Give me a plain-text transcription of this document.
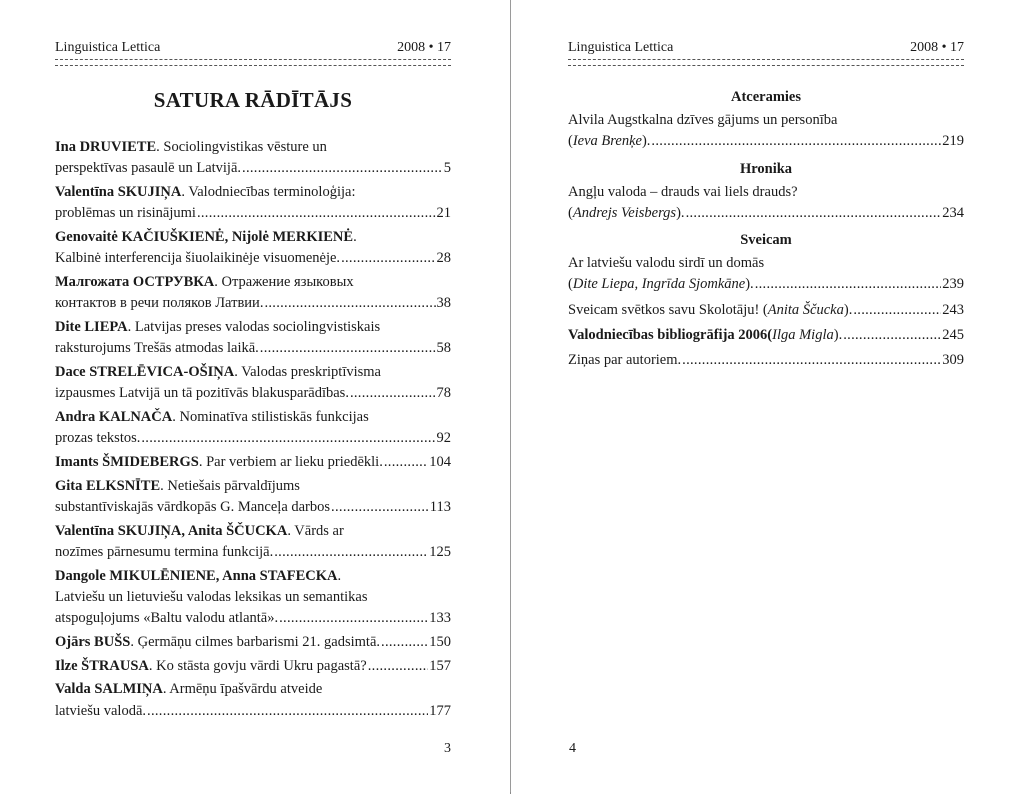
Linguistica Lettica	2008 • 17
SATURA RĀDĪTĀJS
Ina DRUVIETE. Sociolingvistikas vēsture un
perspektīvas pasaulē un Latvijā. .....	5
Valentīna SKUJIŅA. Valodniecības terminoloģija:
problēmas un risinājumi .....	21
Genovaitė KAČIUŠKIENĖ, Nijolė MERKIENĖ.
Kalbinė interferencija šiuolaikinėje visuomenėje. .....	28
Малгожата ОСТРУВКА. Отражение языковых
контактов в речи поляков Латвии. .....	38
Dite LIEPA. Latvijas preses valodas sociolingvistiskais
raksturojums Trešās atmodas laikā. .....	58
Dace STRELĒVICA-OŠIŅA. Valodas preskriptīvisma
izpausmes Latvijā un tā pozitīvās blakusparādības. .....	78
Andra KALNAČA. Nominatīva stilistiskās funkcijas
prozas tekstos. .....	92
Imants ŠMIDEBERGS . Par verbiem ar lieku priedēkli. .....	104
Gita ELKSNĪTE. Netiešais pārvaldījums
substantīviskajās vārdkopās G. Manceļa darbos .....	113
Valentīna SKUJIŅA, Anita ŠČUCKA. Vārds ar
nozīmes pārnesumu termina funkcijā. .....	125
Dangole MIKULĒNIENE, Anna STAFECKA.
Latviešu un lietuviešu valodas leksikas un semantikas
atspoguļojums «Baltu valodu atlantā». .....	133
Ojārs BUŠS . Ģermāņu cilmes barbarismi 21. gadsimtā. .....	150
Ilze ŠTRAUSA . Ko stāsta govju vārdi Ukru pagastā? .....	157
Valda SALMIŅA. Armēņu īpašvārdu atveide
latviešu valodā. .....	177
3
Linguistica Lettica	2008 • 17
Atceramies
Alvila Augstkalna dzīves gājums un personība
( Ieva Brenķe ). .....	219
Hronika
Angļu valoda – drauds vai liels drauds?
( Andrejs Veisbergs ). .....	234
Sveicam
Ar latviešu valodu sirdī un domās
( Dite Liepa, Ingrīda Sjomkāne ). .....	239
Sveicam svētkos savu Skolotāju! ( Anita Ščucka ). .....	243
Valodniecības bibliogrāfija 2006 ( Ilga Migla ). .....	245
Ziņas par autoriem. .....	309
4
